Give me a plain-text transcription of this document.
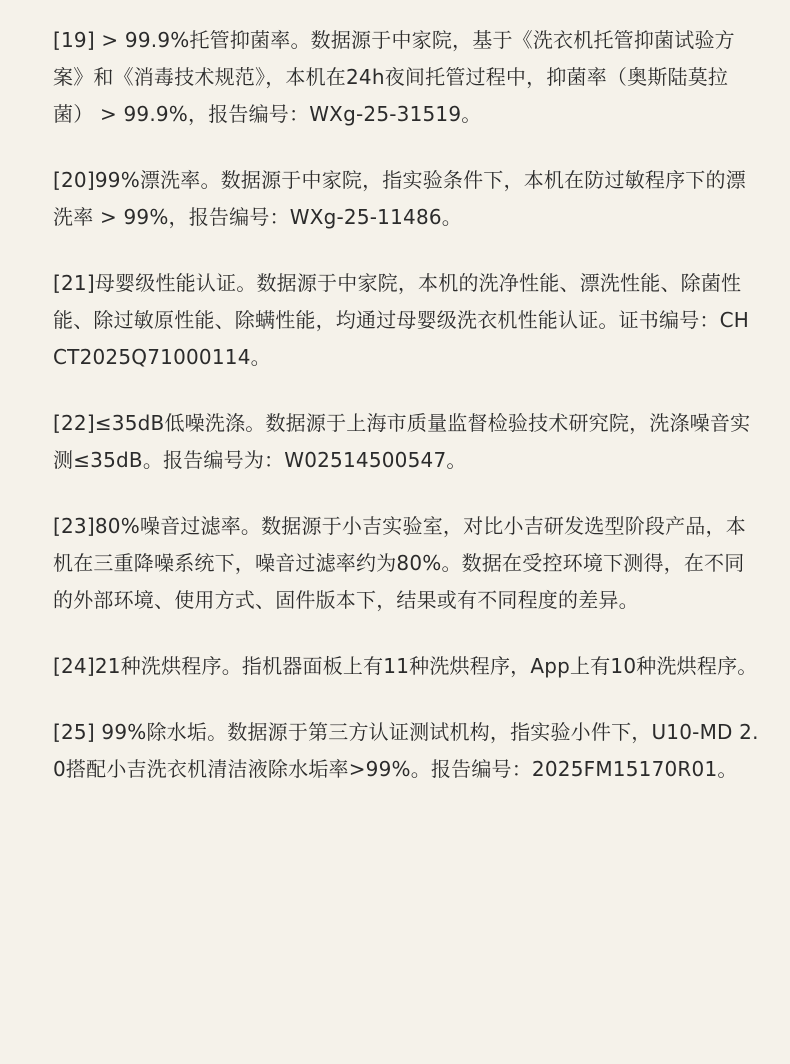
[19] > 99.9%托管抑菌率。数据源于中家院，基于《洗衣机托管抑菌试验方案》和《消毒技术规范》，本机在24h夜间托管过程中，抑菌率（奥斯陆莫拉菌） > 99.9%，报告编号：WXg-25-31519。

[20]99%漂洗率。数据源于中家院，指实验条件下，本机在防过敏程序下的漂洗率 > 99%，报告编号：WXg-25-11486。

[21]母婴级性能认证。数据源于中家院，本机的洗净性能、漂洗性能、除菌性能、除过敏原性能、除螨性能，均通过母婴级洗衣机性能认证。证书编号：CHCT2025Q71000114。

[22]≤35dB低噪洗涤。数据源于上海市质量监督检验技术研究院，洗涤噪音实测≤35dB。报告编号为：W02514500547。

[23]80%噪音过滤率。数据源于小吉实验室，对比小吉研发选型阶段产品，本机在三重降噪系统下，噪音过滤率约为80%。数据在受控环境下测得，在不同的外部环境、使用方式、固件版本下，结果或有不同程度的差异。

[24]21种洗烘程序。指机器面板上有11种洗烘程序，App上有10种洗烘程序。

[25] 99%除水垢。数据源于第三方认证测试机构，指实验小件下，U10-MD 2.0搭配小吉洗衣机清洁液除水垢率>99%。报告编号：2025FM15170R01。
